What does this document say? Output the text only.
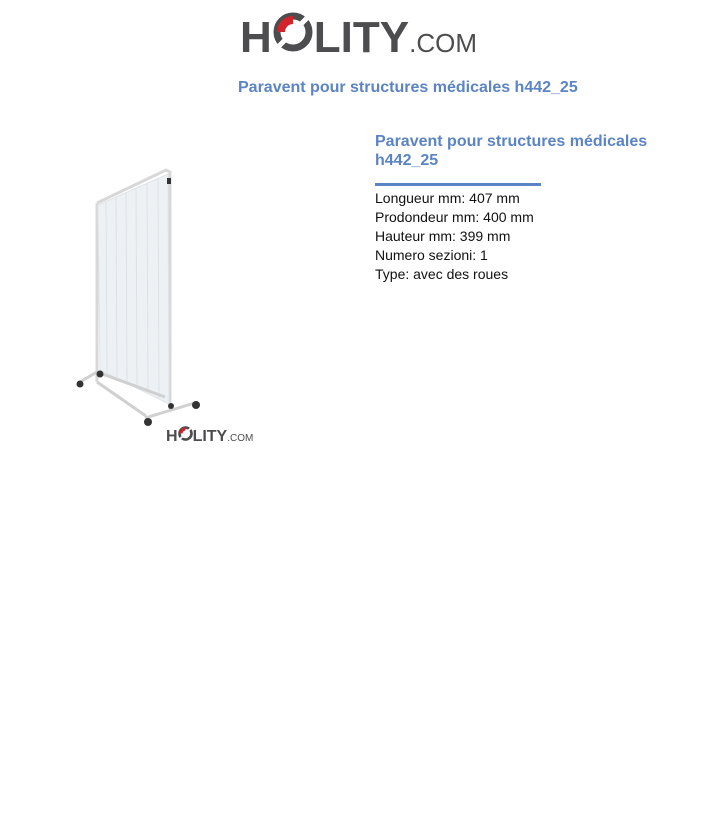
H LITY .COM
Paravent pour structures médicales h442_25
H LITY .COM
Paravent pour structures médicales h442_25
Longueur mm: 407 mm
Prodondeur mm: 400 mm
Hauteur mm: 399 mm
Numero sezioni: 1
Type: avec des roues
